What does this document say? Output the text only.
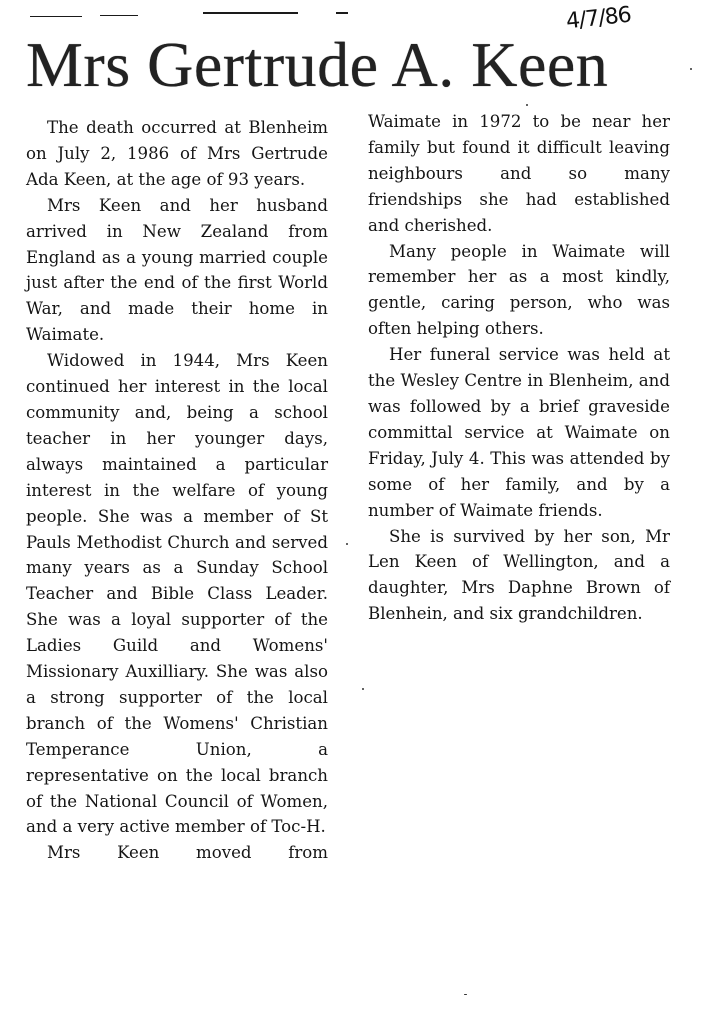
4/7/86
Mrs Gertrude A. Keen

The death occurred at Blenheim on July 2, 1986 of Mrs Gertrude Ada Keen, at the age of 93 years.

Mrs Keen and her husband arrived in New Zealand from England as a young married couple just after the end of the first World War, and made their home in Waimate.

Widowed in 1944, Mrs Keen continued her interest in the local community and, being a school teacher in her younger days, always maintained a particular interest in the welfare of young people. She was a member of St Pauls Methodist Church and served many years as a Sunday School Teacher and Bible Class Leader. She was a loyal supporter of the Ladies Guild and Womens' Missionary Auxilliary. She was also a strong supporter of the local branch of the Womens' Christian Temperance Union, a representative on the local branch of the National Council of Women, and a very active member of Toc-H.

Mrs Keen moved from

Waimate in 1972 to be near her family but found it difficult leaving neighbours and so many friendships she had established and cherished.

Many people in Waimate will remember her as a most kindly, gentle, caring person, who was often helping others.

Her funeral service was held at the Wesley Centre in Blenheim, and was followed by a brief graveside committal service at Waimate on Friday, July 4. This was attended by some of her family, and by a number of Waimate friends.

She is survived by her son, Mr Len Keen of Wellington, and a daughter, Mrs Daphne Brown of Blenhein, and six grandchildren.
